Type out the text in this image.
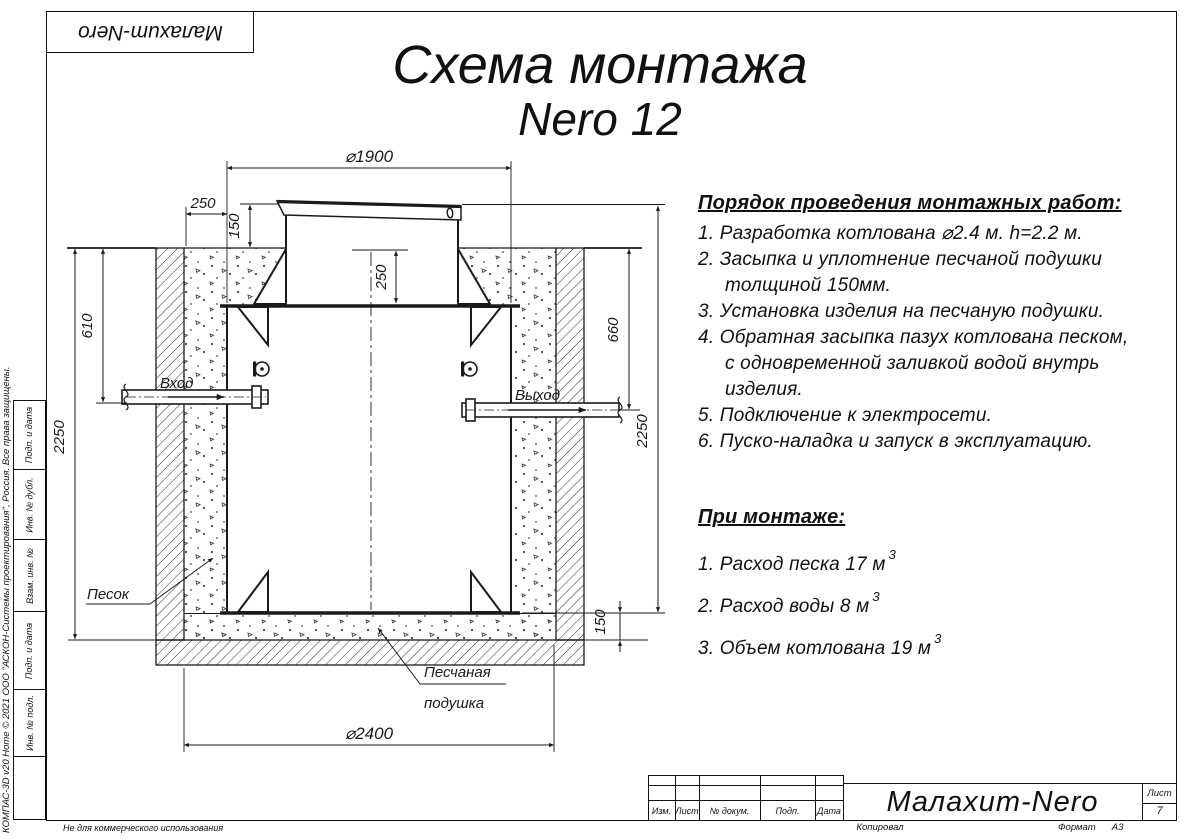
Малахит-Nero
Подп. и дата
Инв. № дубл.
Взам. инв. №
Подп. и дата
Инв. № подл.
КОМПАС-3D v20 Home © 2021 ООО "АСКОН-Системы проектирования", Россия. Все права защищены.	Не для коммерческого использования
Схема монтажа
Nero 12
Порядок проведения монтажных работ:
1. Разработка котлована ⌀2.4 м. h=2.2 м.
2. Засыпка и уплотнение песчаной подушки
толщиной 150мм.
3. Установка изделия на песчаную подушки.
4. Обратная засыпка пазух котлована песком,
с одновременной заливкой водой внутрь
изделия.
5. Подключение к электросети.
6. Пуско-наладка и запуск в эксплуатацию.
При монтаже:
1. Расход песка 17 $м^3$
2. Расход воды 8 $м^3$
3. Объем котлована 19 $м^3$
⌀1900
250
150
250
610
2250
660
2250
150
⌀2400
Вход
Выход
Песок
Песчаная
подушка
Изм. Лист	№ докум.	Подп.	Дата	Малахит-Nero	Лист
7
Копировал	Формат А3
